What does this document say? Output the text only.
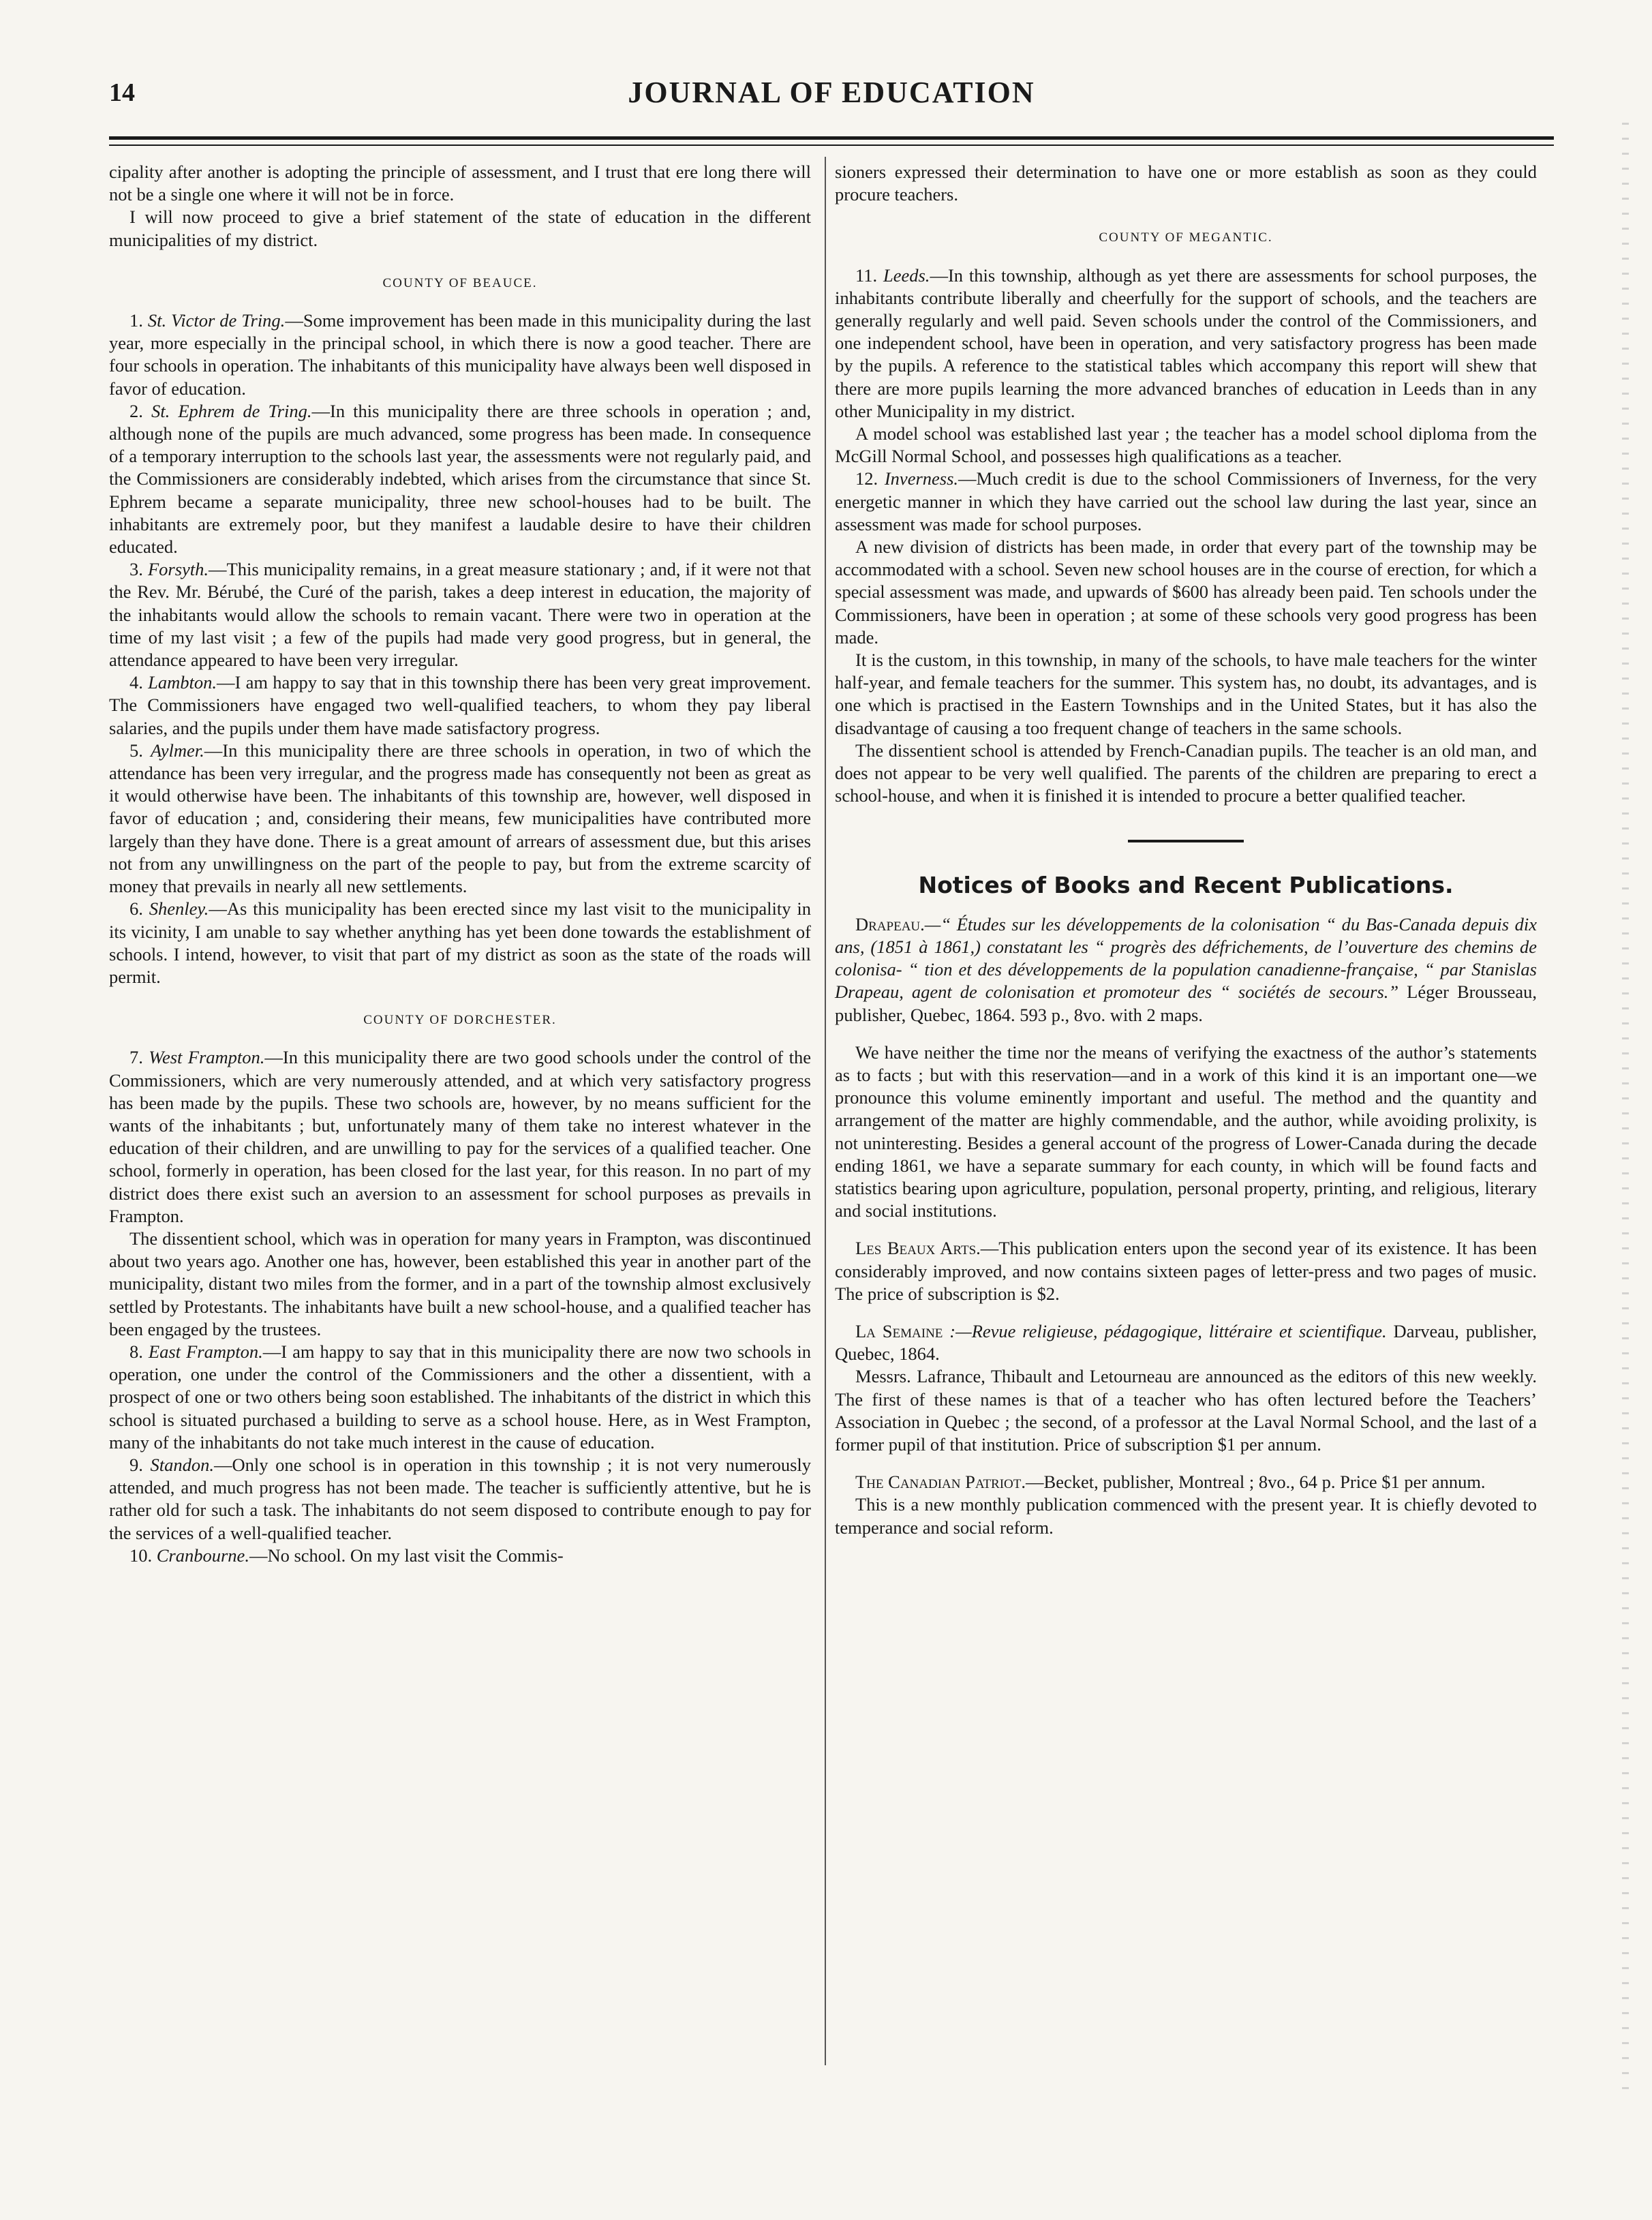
14	JOURNAL OF EDUCATION

cipality after another is adopting the principle of assessment, and I trust that ere long there will not be a single one where it will not be in force.

I will now proceed to give a brief statement of the state of education in the different municipalities of my district.

COUNTY OF BEAUCE.

1. St. Victor de Tring.—Some improvement has been made in this municipality during the last year, more especially in the principal school, in which there is now a good teacher. There are four schools in operation. The inhabitants of this municipality have always been well disposed in favor of education.

2. St. Ephrem de Tring.—In this municipality there are three schools in operation ; and, although none of the pupils are much advanced, some progress has been made. In consequence of a temporary interruption to the schools last year, the assessments were not regularly paid, and the Commissioners are considerably indebted, which arises from the circumstance that since St. Ephrem became a separate municipality, three new school-houses had to be built. The inhabitants are extremely poor, but they manifest a laudable desire to have their children educated.

3. Forsyth.—This municipality remains, in a great measure stationary ; and, if it were not that the Rev. Mr. Bérubé, the Curé of the parish, takes a deep interest in education, the majority of the inhabitants would allow the schools to remain vacant. There were two in operation at the time of my last visit ; a few of the pupils had made very good progress, but in general, the attendance appeared to have been very irregular.

4. Lambton.—I am happy to say that in this township there has been very great improvement. The Commissioners have engaged two well-qualified teachers, to whom they pay liberal salaries, and the pupils under them have made satisfactory progress.

5. Aylmer.—In this municipality there are three schools in operation, in two of which the attendance has been very irregular, and the progress made has consequently not been as great as it would otherwise have been. The inhabitants of this township are, however, well disposed in favor of education ; and, considering their means, few municipalities have contributed more largely than they have done. There is a great amount of arrears of assessment due, but this arises not from any unwillingness on the part of the people to pay, but from the extreme scarcity of money that prevails in nearly all new settlements.

6. Shenley.—As this municipality has been erected since my last visit to the municipality in its vicinity, I am unable to say whether anything has yet been done towards the establishment of schools. I intend, however, to visit that part of my district as soon as the state of the roads will permit.

COUNTY OF DORCHESTER.

7. West Frampton.—In this municipality there are two good schools under the control of the Commissioners, which are very numerously attended, and at which very satisfactory progress has been made by the pupils. These two schools are, however, by no means sufficient for the wants of the inhabitants ; but, unfortunately many of them take no interest whatever in the education of their children, and are unwilling to pay for the services of a qualified teacher. One school, formerly in operation, has been closed for the last year, for this reason. In no part of my district does there exist such an aversion to an assessment for school purposes as prevails in Frampton.

The dissentient school, which was in operation for many years in Frampton, was discontinued about two years ago. Another one has, however, been established this year in another part of the municipality, distant two miles from the former, and in a part of the township almost exclusively settled by Protestants. The inhabitants have built a new school-house, and a qualified teacher has been engaged by the trustees.

8. East Frampton.—I am happy to say that in this municipality there are now two schools in operation, one under the control of the Commissioners and the other a dissentient, with a prospect of one or two others being soon established. The inhabitants of the district in which this school is situated purchased a building to serve as a school house. Here, as in West Frampton, many of the inhabitants do not take much interest in the cause of education.

9. Standon.—Only one school is in operation in this township ; it is not very numerously attended, and much progress has not been made. The teacher is sufficiently attentive, but he is rather old for such a task. The inhabitants do not seem disposed to contribute enough to pay for the services of a well-qualified teacher.

10. Cranbourne.—No school. On my last visit the Commis-

sioners expressed their determination to have one or more establish as soon as they could procure teachers.

COUNTY OF MEGANTIC.

11. Leeds.—In this township, although as yet there are assessments for school purposes, the inhabitants contribute liberally and cheerfully for the support of schools, and the teachers are generally regularly and well paid. Seven schools under the control of the Commissioners, and one independent school, have been in operation, and very satisfactory progress has been made by the pupils. A reference to the statistical tables which accompany this report will shew that there are more pupils learning the more advanced branches of education in Leeds than in any other Municipality in my district.

A model school was established last year ; the teacher has a model school diploma from the McGill Normal School, and possesses high qualifications as a teacher.

12. Inverness.—Much credit is due to the school Commissioners of Inverness, for the very energetic manner in which they have carried out the school law during the last year, since an assessment was made for school purposes.

A new division of districts has been made, in order that every part of the township may be accommodated with a school. Seven new school houses are in the course of erection, for which a special assessment was made, and upwards of $600 has already been paid. Ten schools under the Commissioners, have been in operation ; at some of these schools very good progress has been made.

It is the custom, in this township, in many of the schools, to have male teachers for the winter half-year, and female teachers for the summer. This system has, no doubt, its advantages, and is one which is practised in the Eastern Townships and in the United States, but it has also the disadvantage of causing a too frequent change of teachers in the same schools.

The dissentient school is attended by French-Canadian pupils. The teacher is an old man, and does not appear to be very well qualified. The parents of the children are preparing to erect a school-house, and when it is finished it is intended to procure a better qualified teacher.

Notices of Books and Recent Publications.

Drapeau.—“ Études sur les développements de la colonisation “ du Bas-Canada depuis dix ans, (1851 à 1861,) constatant les “ progrès des défrichements, de l’ouverture des chemins de colonisa- “ tion et des développements de la population canadienne-française, “ par Stanislas Drapeau, agent de colonisation et promoteur des “ sociétés de secours.” Léger Brousseau, publisher, Quebec, 1864. 593 p., 8vo. with 2 maps.

We have neither the time nor the means of verifying the exactness of the author’s statements as to facts ; but with this reservation—and in a work of this kind it is an important one—we pronounce this volume eminently important and useful. The method and the quantity and arrangement of the matter are highly commendable, and the author, while avoiding prolixity, is not uninteresting. Besides a general account of the progress of Lower-Canada during the decade ending 1861, we have a separate summary for each county, in which will be found facts and statistics bearing upon agriculture, population, personal property, printing, and religious, literary and social institutions.

Les Beaux Arts.—This publication enters upon the second year of its existence. It has been considerably improved, and now contains sixteen pages of letter-press and two pages of music. The price of subscription is $2.

La Semaine :—Revue religieuse, pédagogique, littéraire et scientifique. Darveau, publisher, Quebec, 1864.

Messrs. Lafrance, Thibault and Letourneau are announced as the editors of this new weekly. The first of these names is that of a teacher who has often lectured before the Teachers’ Association in Quebec ; the second, of a professor at the Laval Normal School, and the last of a former pupil of that institution. Price of subscription $1 per annum.

The Canadian Patriot.—Becket, publisher, Montreal ; 8vo., 64 p. Price $1 per annum.

This is a new monthly publication commenced with the present year. It is chiefly devoted to temperance and social reform.
